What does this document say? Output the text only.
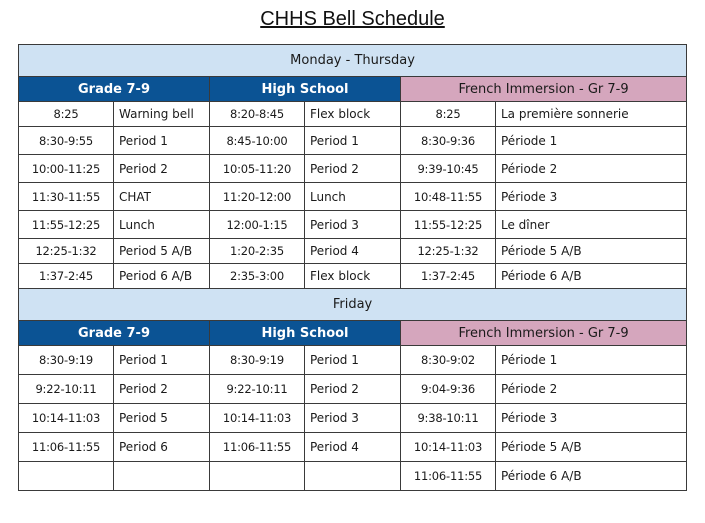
CHHS Bell Schedule
Monday - Thursday					
Grade 7-9		High School		French Immersion - Gr 7-9	
8:25	Warning bell	8:20-8:45	Flex block	8:25	La première sonnerie
8:30-9:55	Period 1	8:45-10:00	Period 1	8:30-9:36	Période 1
10:00-11:25	Period 2	10:05-11:20	Period 2	9:39-10:45	Période 2
11:30-11:55	CHAT	11:20-12:00	Lunch	10:48-11:55	Période 3
11:55-12:25	Lunch	12:00-1:15	Period 3	11:55-12:25	Le dîner
12:25-1:32	Period 5 A/B	1:20-2:35	Period 4	12:25-1:32	Période 5 A/B
1:37-2:45	Period 6 A/B	2:35-3:00	Flex block	1:37-2:45	Période 6 A/B
Friday					
Grade 7-9		High School		French Immersion - Gr 7-9	
8:30-9:19	Period 1	8:30-9:19	Period 1	8:30-9:02	Période 1
9:22-10:11	Period 2	9:22-10:11	Period 2	9:04-9:36	Période 2
10:14-11:03	Period 5	10:14-11:03	Period 3	9:38-10:11	Période 3
11:06-11:55	Period 6	11:06-11:55	Period 4	10:14-11:03	Période 5 A/B
				11:06-11:55	Période 6 A/B
